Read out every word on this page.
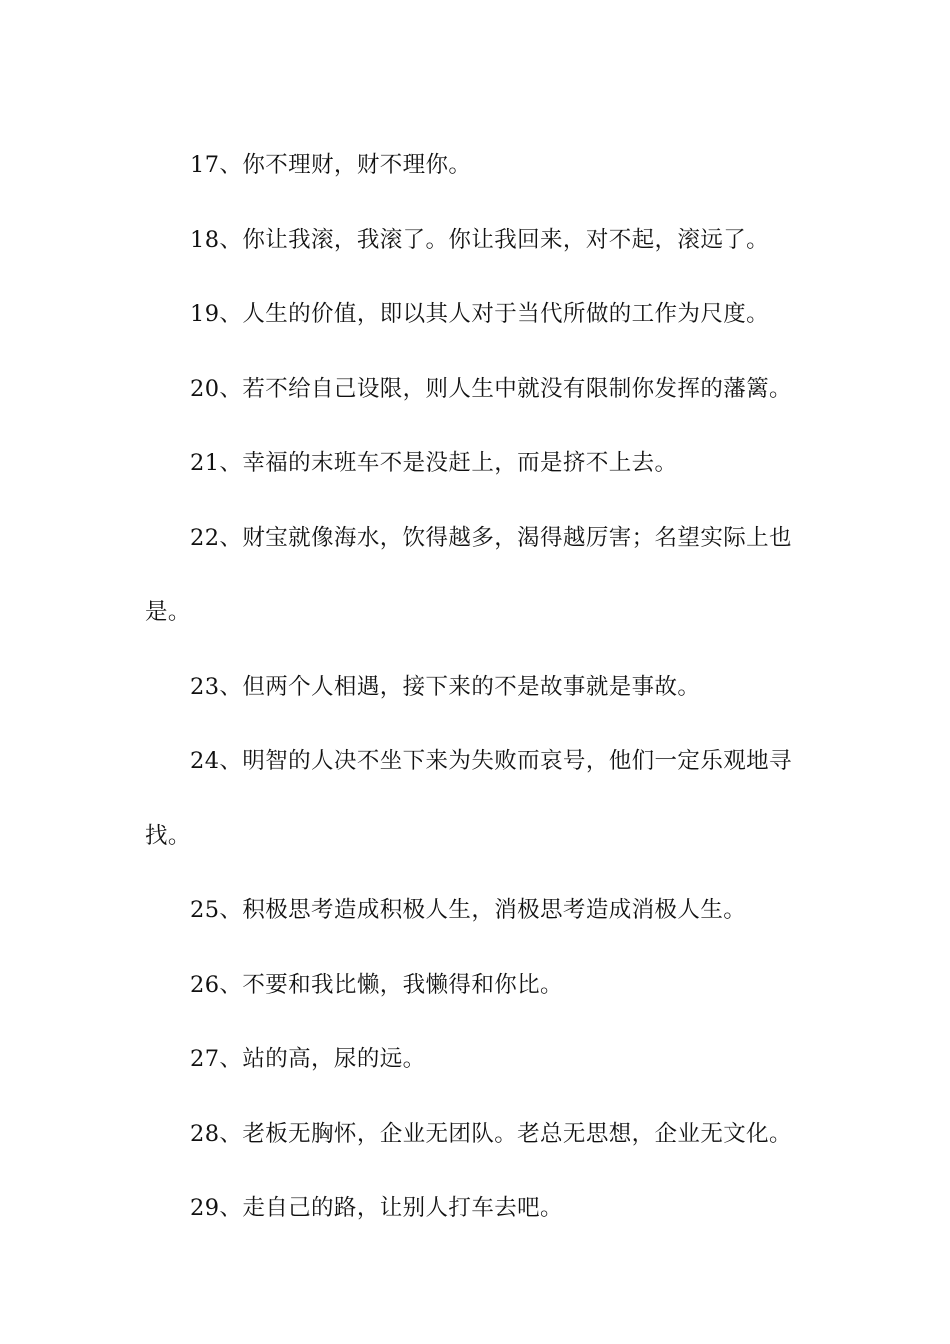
17、你不理财，财不理你。

18、你让我滚，我滚了。你让我回来，对不起，滚远了。

19、人生的价值，即以其人对于当代所做的工作为尺度。

20、若不给自己设限，则人生中就没有限制你发挥的藩篱。

21、幸福的末班车不是没赶上，而是挤不上去。

22、财宝就像海水，饮得越多，渴得越厉害；名望实际上也是。

23、但两个人相遇，接下来的不是故事就是事故。

24、明智的人决不坐下来为失败而哀号，他们一定乐观地寻找。

25、积极思考造成积极人生，消极思考造成消极人生。

26、不要和我比懒，我懒得和你比。

27、站的高，尿的远。

28、老板无胸怀，企业无团队。老总无思想，企业无文化。

29、走自己的路，让别人打车去吧。
